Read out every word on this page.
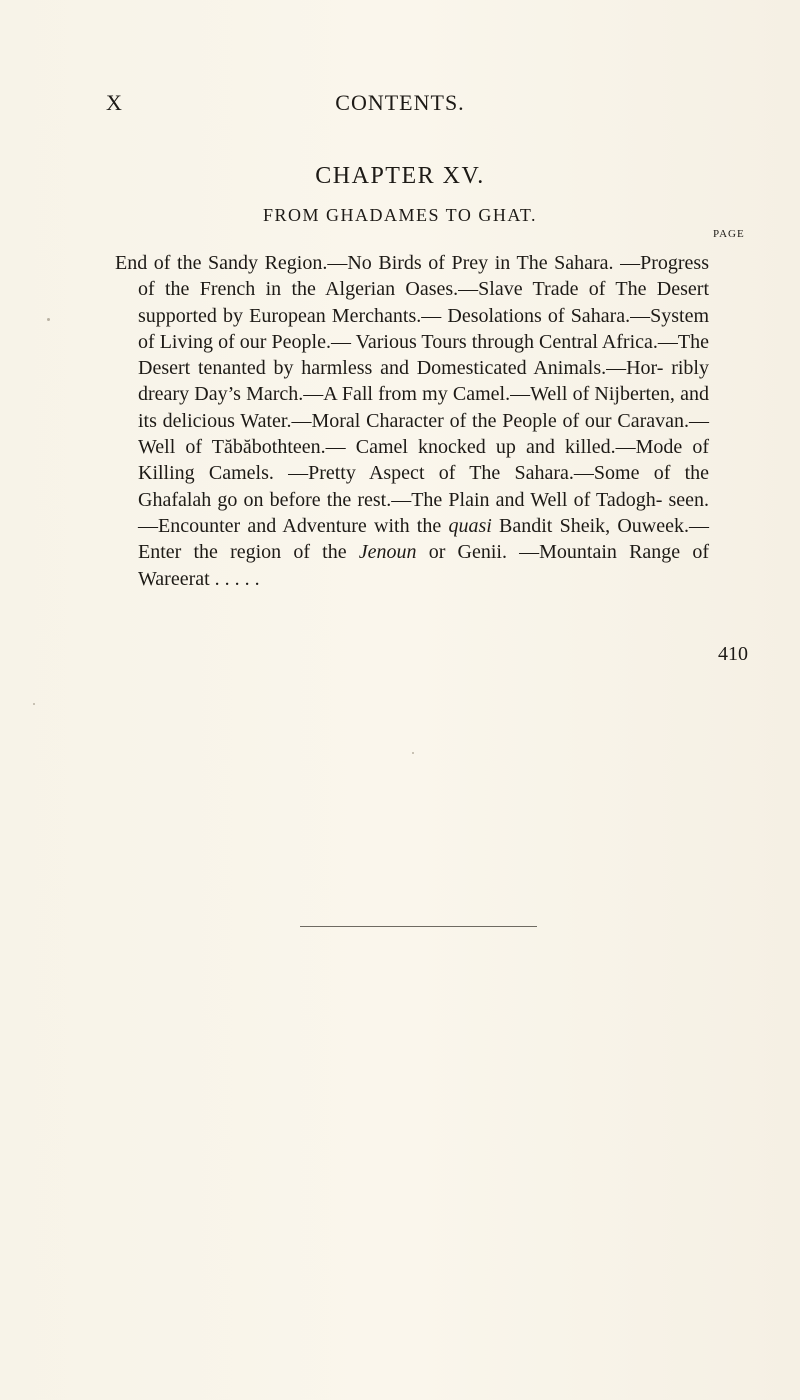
X	CONTENTS.
CHAPTER XV.
FROM GHADAMES TO GHAT.
PAGE
End of the Sandy Region.—No Birds of Prey in The Sahara. —Progress of the French in the Algerian Oases.—Slave Trade of The Desert supported by European Merchants.— Desolations of Sahara.—System of Living of our People.— Various Tours through Central Africa.—The Desert tenanted by harmless and Domesticated Animals.—Hor- ribly dreary Day’s March.—A Fall from my Camel.—Well of Nijberten, and its delicious Water.—Moral Character of the People of our Caravan.—Well of Tăbăbothteen.— Camel knocked up and killed.—Mode of Killing Camels. —Pretty Aspect of The Sahara.—Some of the Ghafalah go on before the rest.—The Plain and Well of Tadogh- seen.—Encounter and Adventure with the quasi Bandit Sheik, Ouweek.—Enter the region of the Jenoun or Genii. —Mountain Range of Wareerat . . . . .
410
